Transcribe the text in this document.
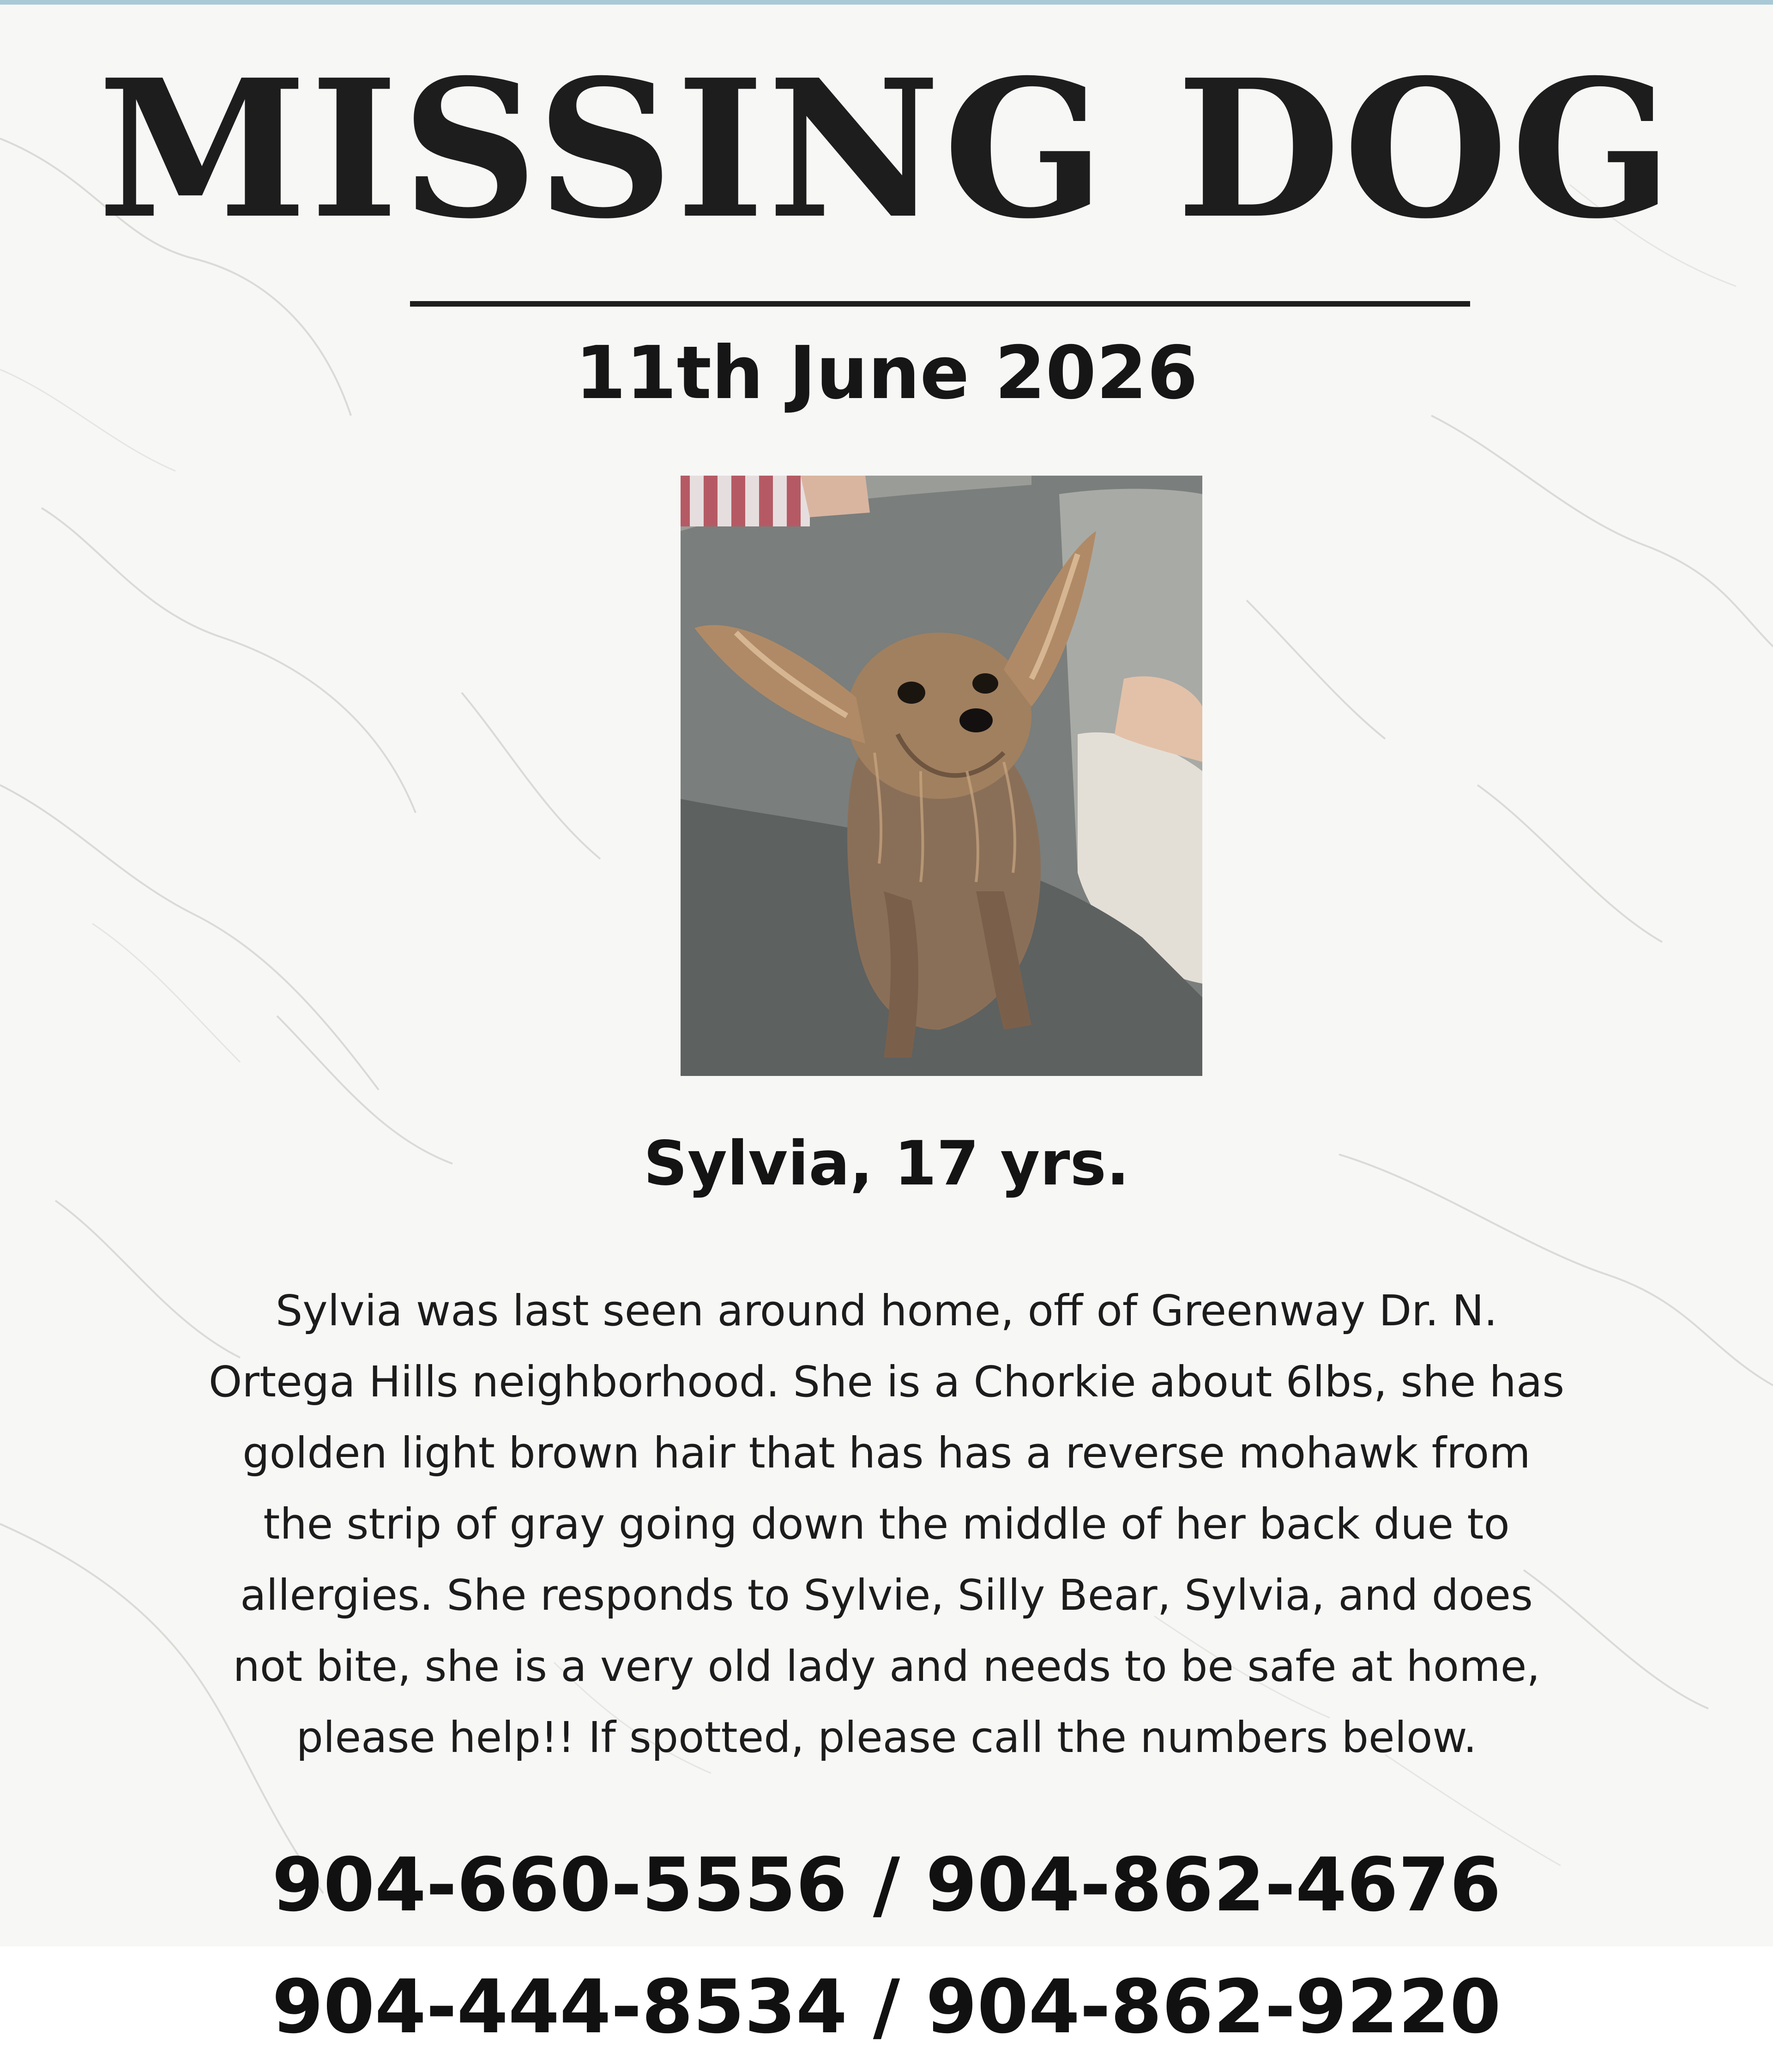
MISSING DOG
11th June 2026
Sylvia, 17 yrs.
Sylvia was last seen around home, off of Greenway Dr. N. Ortega Hills neighborhood. She is a Chorkie about 6lbs, she has golden light brown hair that has has a reverse mohawk from the strip of gray going down the middle of her back due to allergies. She responds to Sylvie, Silly Bear, Sylvia, and does not bite, she is a very old lady and needs to be safe at home, please help!! If spotted, please call the numbers below.
904-660-5556 / 904-862-4676
904-444-8534 / 904-862-9220
